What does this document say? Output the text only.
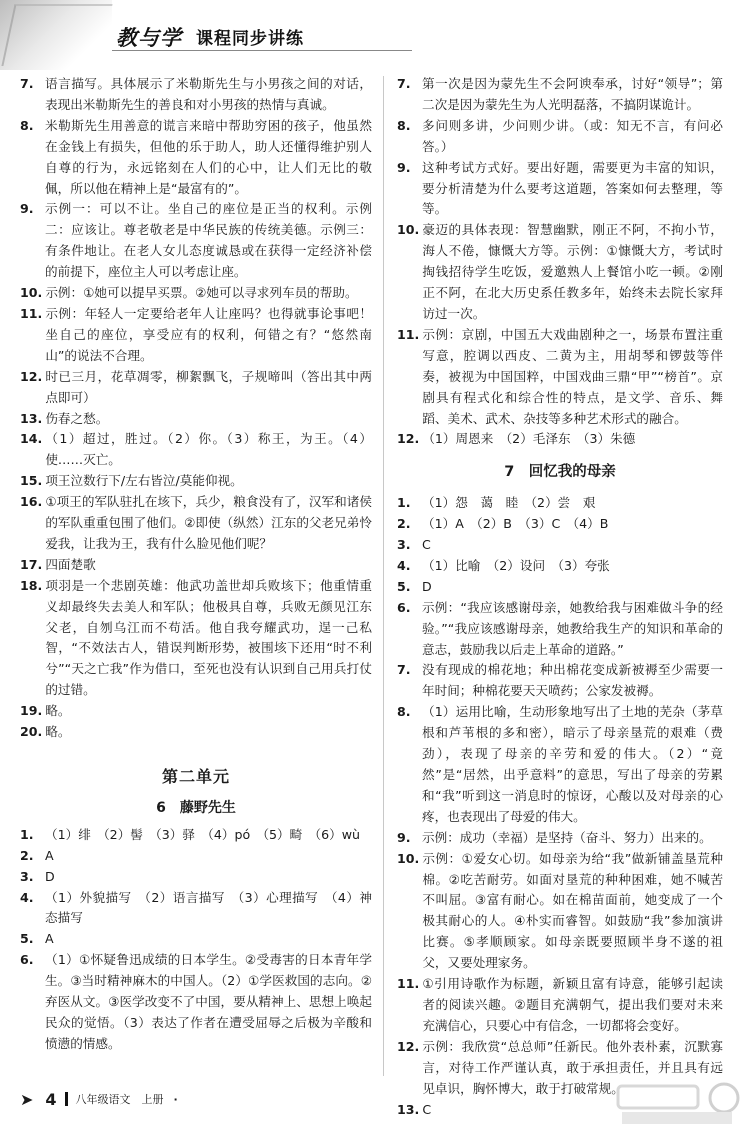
教与学 课程同步讲练
7. 语言描写。具体展示了米勒斯先生与小男孩之间的对话，表现出米勒斯先生的善良和对小男孩的热情与真诚。
8. 米勒斯先生用善意的谎言来暗中帮助穷困的孩子，他虽然在金钱上有损失，但他的乐于助人，助人还懂得维护别人自尊的行为，永远铭刻在人们的心中，让人们无比的敬佩，所以他在精神上是“最富有的”。
9. 示例一：可以不让。坐自己的座位是正当的权利。示例二：应该让。尊老敬老是中华民族的传统美德。示例三：有条件地让。在老人女儿态度诚恳或在获得一定经济补偿的前提下，座位主人可以考虑让座。
10. 示例：①她可以提早买票。②她可以寻求列车员的帮助。
11. 示例：年轻人一定要给老年人让座吗？也得就事论事吧！坐自己的座位，享受应有的权利，何错之有？“悠然南山”的说法不合理。
12. 时已三月，花草凋零，柳絮飘飞，子规啼叫（答出其中两点即可）
13. 伤春之愁。
14. （1）超过，胜过。（2）你。（3）称王，为王。（4）使……灭亡。
15. 项王泣数行下/左右皆泣/莫能仰视。
16. ①项王的军队驻扎在垓下，兵少，粮食没有了，汉军和诸侯的军队重重包围了他们。②即使（纵然）江东的父老兄弟怜爱我，让我为王，我有什么脸见他们呢？
17. 四面楚歌
18. 项羽是一个悲剧英雄：他武功盖世却兵败垓下；他重情重义却最终失去美人和军队；他极具自尊，兵败无颜见江东父老，自刎乌江而不苟活。他自我夸耀武功，逞一己私智，“不效法古人，错误判断形势，被围垓下还用“时不利兮”“天之亡我”作为借口，至死也没有认识到自己用兵打仗的过错。
19. 略。
20. 略。
第二单元
6　藤野先生
1. （1）绯　（2）髻　（3）驿　（4）pó　（5）畸　（6）wù
2. A
3. D
4. （1）外貌描写　（2）语言描写　（3）心理描写　（4）神态描写
5. A
6. （1）①怀疑鲁迅成绩的日本学生。②受毒害的日本青年学生。③当时精神麻木的中国人。（2）①学医救国的志向。②弃医从文。③医学改变不了中国，要从精神上、思想上唤起民众的觉悟。（3）表达了作者在遭受屈辱之后极为辛酸和愤懑的情感。
7. 第一次是因为蒙先生不会阿谀奉承，讨好“领导”；第二次是因为蒙先生为人光明磊落，不搞阴谋诡计。
8. 多问则多讲，少问则少讲。（或：知无不言，有问必答。）
9. 这种考试方式好。要出好题，需要更为丰富的知识，要分析清楚为什么要考这道题，答案如何去整理，等等。
10. 豪迈的具体表现：智慧幽默，刚正不阿，不拘小节，海人不倦，慷慨大方等。示例：①慷慨大方，考试时掏钱招待学生吃饭，爱邀熟人上餐馆小吃一顿。②刚正不阿，在北大历史系任教多年，始终未去院长家拜访过一次。
11. 示例：京剧，中国五大戏曲剧种之一，场景布置注重写意，腔调以西皮、二黄为主，用胡琴和锣鼓等伴奏，被视为中国国粹，中国戏曲三鼎“甲”“榜首”。京剧具有程式化和综合性的特点，是文学、音乐、舞蹈、美术、武术、杂技等多种艺术形式的融合。
12. （1）周恩来　（2）毛泽东　（3）朱德
7　回忆我的母亲
1. （1）怨　蔼　睦　（2）尝　艰
2. （1）A　（2）B　（3）C　（4）B
3. C
4. （1）比喻　（2）设问　（3）夸张
5. D
6. 示例：“我应该感谢母亲，她教给我与困难做斗争的经验。”“我应该感谢母亲，她教给我生产的知识和革命的意志，鼓励我以后走上革命的道路。”
7. 没有现成的棉花地；种出棉花变成新被褥至少需要一年时间；种棉花要天天喷药；公家发被褥。
8. （1）运用比喻，生动形象地写出了土地的芜杂（茅草根和芦苇根的多和密），暗示了母亲垦荒的艰难（费劲），表现了母亲的辛劳和爱的伟大。（2）“竟然”是“居然，出乎意料”的意思，写出了母亲的劳累和“我”听到这一消息时的惊讶，心酸以及对母亲的心疼，也表现出了母爱的伟大。
9. 示例：成功（幸福）是坚持（奋斗、努力）出来的。
10. 示例：①爱女心切。如母亲为给“我”做新铺盖垦荒种棉。②吃苦耐劳。如面对垦荒的种种困难，她不喊苦不叫屈。③富有耐心。如在棉苗面前，她变成了一个极其耐心的人。④朴实而睿智。如鼓励“我”参加演讲比赛。⑤孝顺顾家。如母亲既要照顾半身不遂的祖父，又要处理家务。
11. ①引用诗歌作为标题，新颖且富有诗意，能够引起读者的阅读兴趣。②题目充满朝气，提出我们要对未来充满信心，只要心中有信念，一切都将会变好。
12. 示例：我欣赏“总总师”任新民。他外表朴素，沉默寡言，对待工作严谨认真，敢于承担责任，并且具有远见卓识，胸怀博大，敢于打破常规。
13. C
➤ 4 八年级语文　上册 ·
